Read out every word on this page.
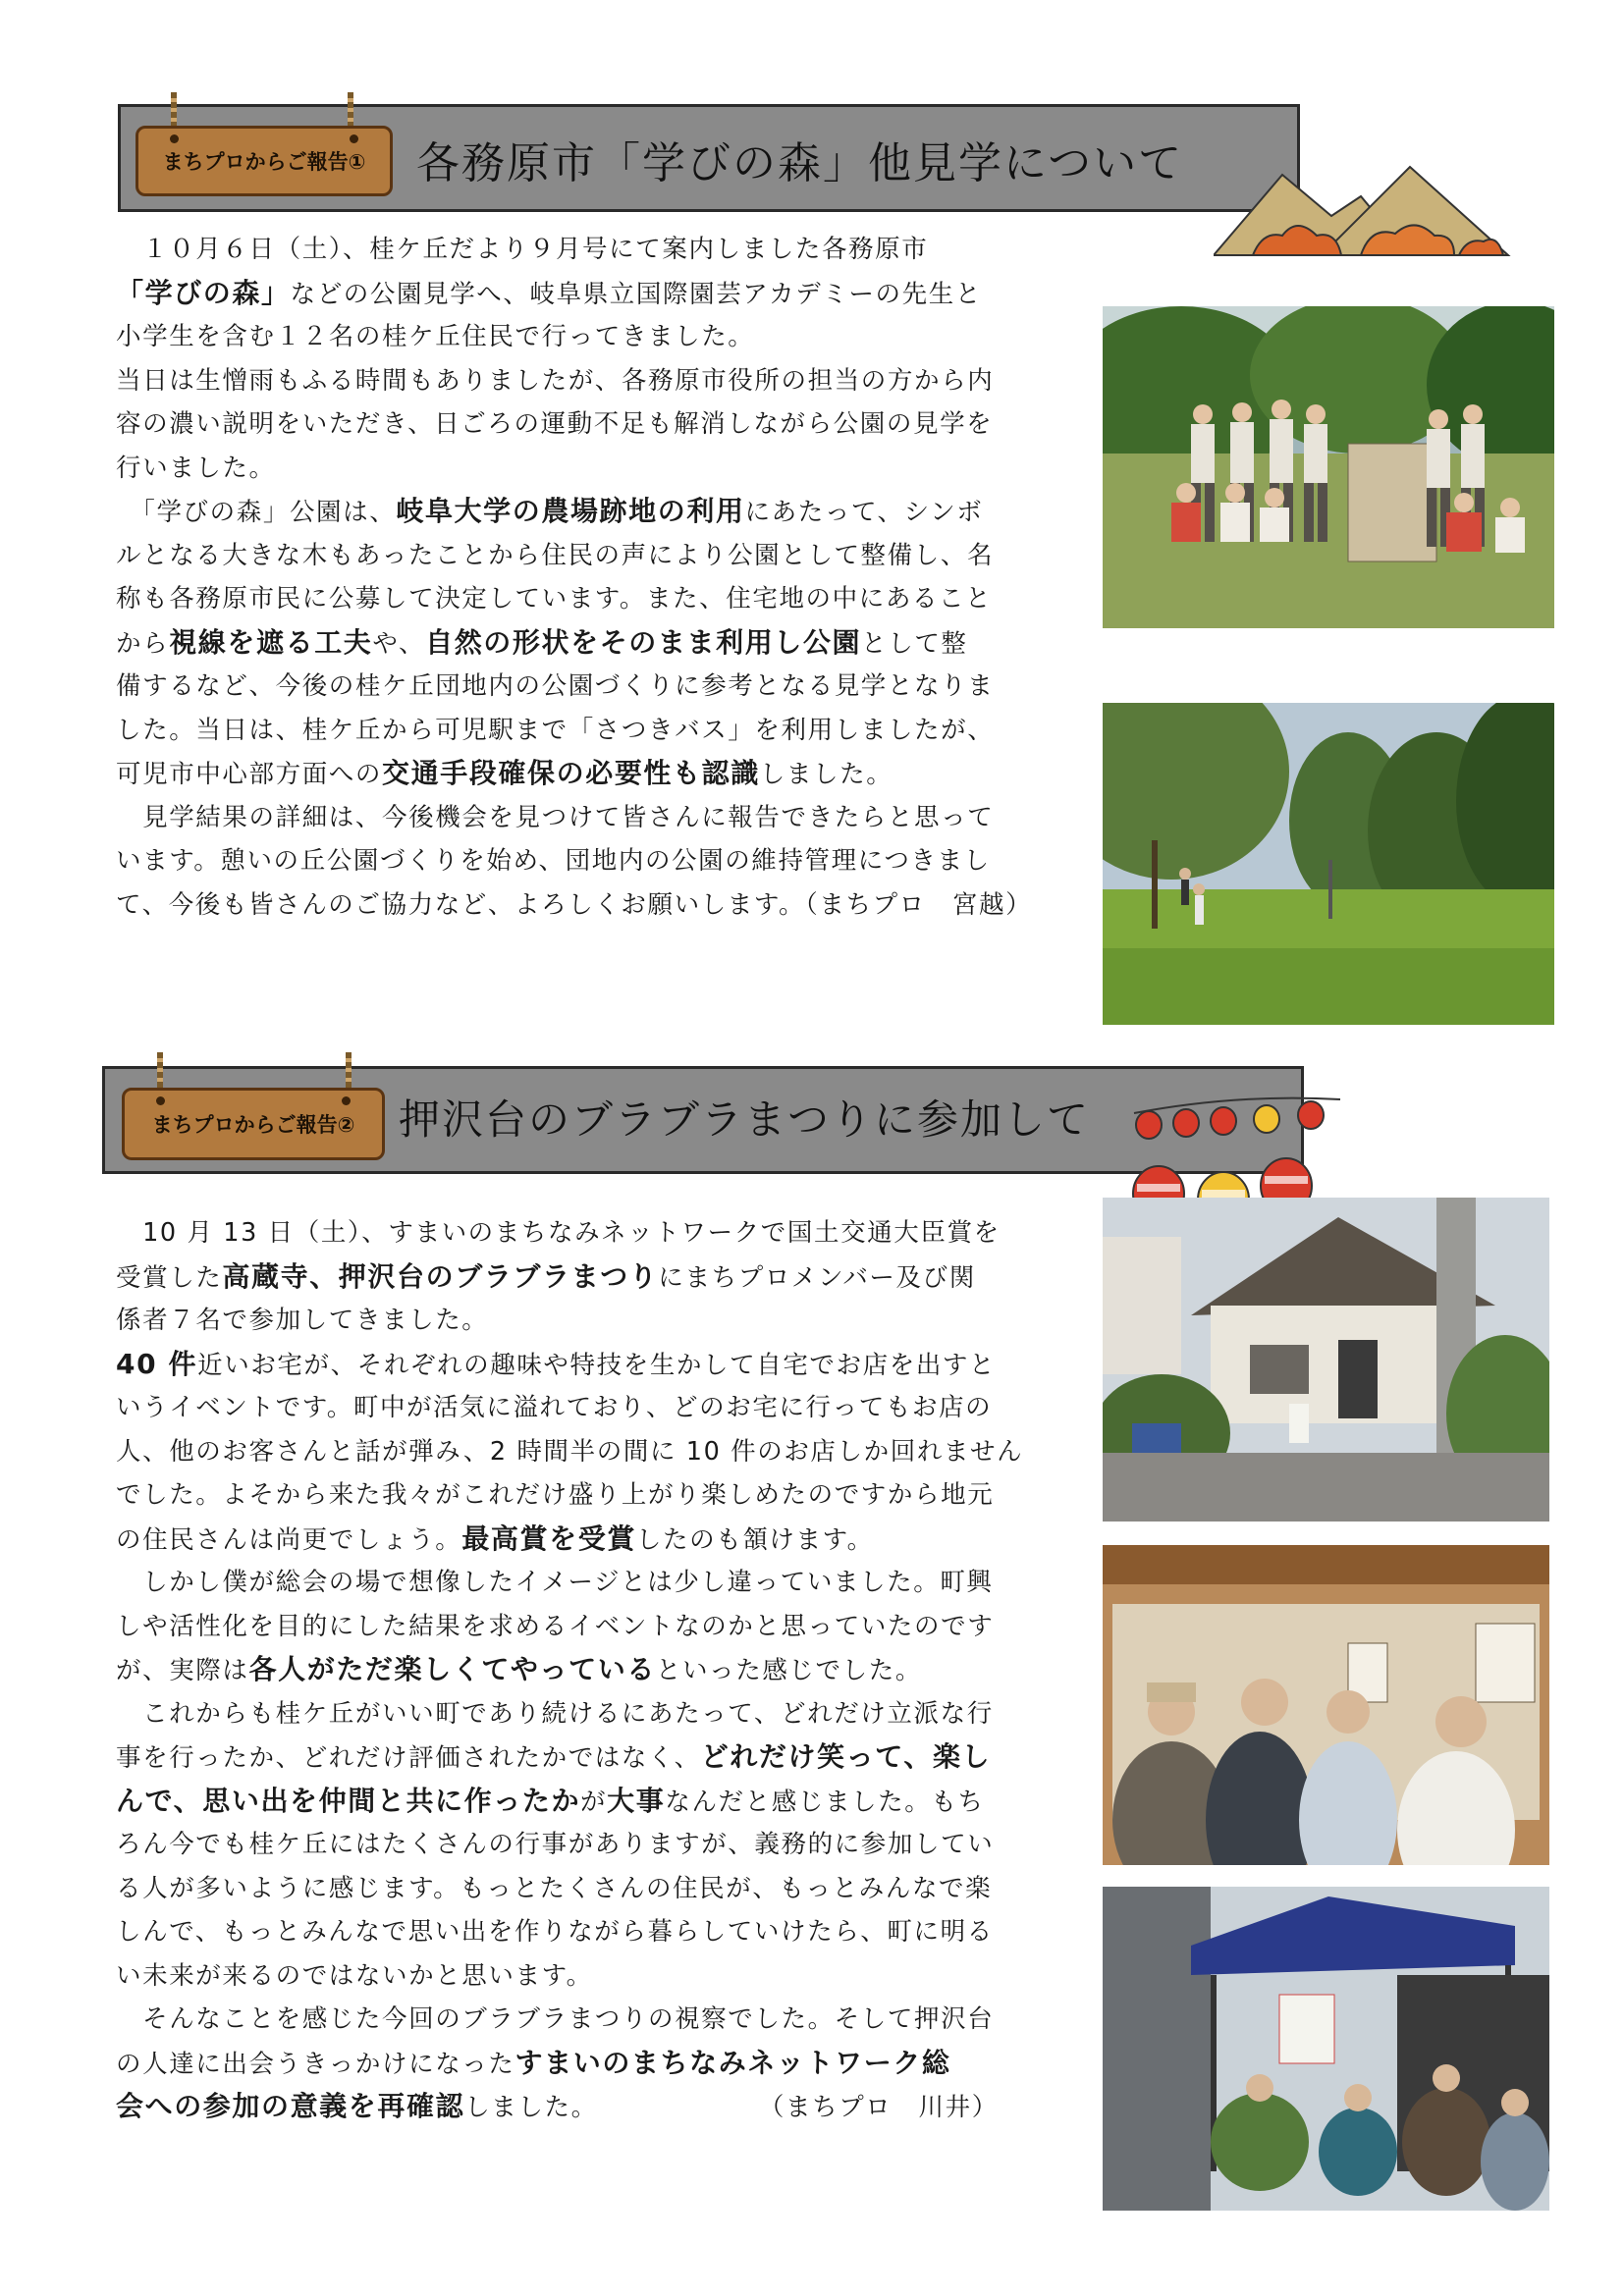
まちプロからご報告① 各務原市「学びの森」他見学について
　１０月６日（土）、桂ケ丘だより９月号にて案内しました各務原市
「学びの森」などの公園見学へ、岐阜県立国際園芸アカデミーの先生と
小学生を含む１２名の桂ケ丘住民で行ってきました。
当日は生憎雨もふる時間もありましたが、各務原市役所の担当の方から内
容の濃い説明をいただき、日ごろの運動不足も解消しながら公園の見学を
行いました。
　「学びの森」公園は、岐阜大学の農場跡地の利用にあたって、シンボ
ルとなる大きな木もあったことから住民の声により公園として整備し、名
称も各務原市民に公募して決定しています。また、住宅地の中にあること
から視線を遮る工夫や、自然の形状をそのまま利用し公園として整
備するなど、今後の桂ケ丘団地内の公園づくりに参考となる見学となりま
した。当日は、桂ケ丘から可児駅まで「さつきバス」を利用しましたが、
可児市中心部方面への交通手段確保の必要性も認識しました。
　見学結果の詳細は、今後機会を見つけて皆さんに報告できたらと思って
います。憩いの丘公園づくりを始め、団地内の公園の維持管理につきまし
て、今後も皆さんのご協力など、よろしくお願いします。（まちプロ　宮越）
まちプロからご報告② 押沢台のブラブラまつりに参加して
　10 月 13 日（土）、すまいのまちなみネットワークで国土交通大臣賞を
受賞した高蔵寺、押沢台のブラブラまつりにまちプロメンバー及び関
係者７名で参加してきました。
40 件近いお宅が、それぞれの趣味や特技を生かして自宅でお店を出すと
いうイベントです。町中が活気に溢れており、どのお宅に行ってもお店の
人、他のお客さんと話が弾み、2 時間半の間に 10 件のお店しか回れません
でした。よそから来た我々がこれだけ盛り上がり楽しめたのですから地元
の住民さんは尚更でしょう。最高賞を受賞したのも頷けます。
　しかし僕が総会の場で想像したイメージとは少し違っていました。町興
しや活性化を目的にした結果を求めるイベントなのかと思っていたのです
が、実際は各人がただ楽しくてやっているといった感じでした。
　これからも桂ケ丘がいい町であり続けるにあたって、どれだけ立派な行
事を行ったか、どれだけ評価されたかではなく、どれだけ笑って、楽し
んで、思い出を仲間と共に作ったかが大事なんだと感じました。もち
ろん今でも桂ケ丘にはたくさんの行事がありますが、義務的に参加してい
る人が多いように感じます。もっとたくさんの住民が、もっとみんなで楽
しんで、もっとみんなで思い出を作りながら暮らしていけたら、町に明る
い未来が来るのではないかと思います。
　そんなことを感じた今回のブラブラまつりの視察でした。そして押沢台
の人達に出会うきっかけになったすまいのまちなみネットワーク総
会への参加の意義を再確認しました。　　　　　　　（まちプロ　川井）
